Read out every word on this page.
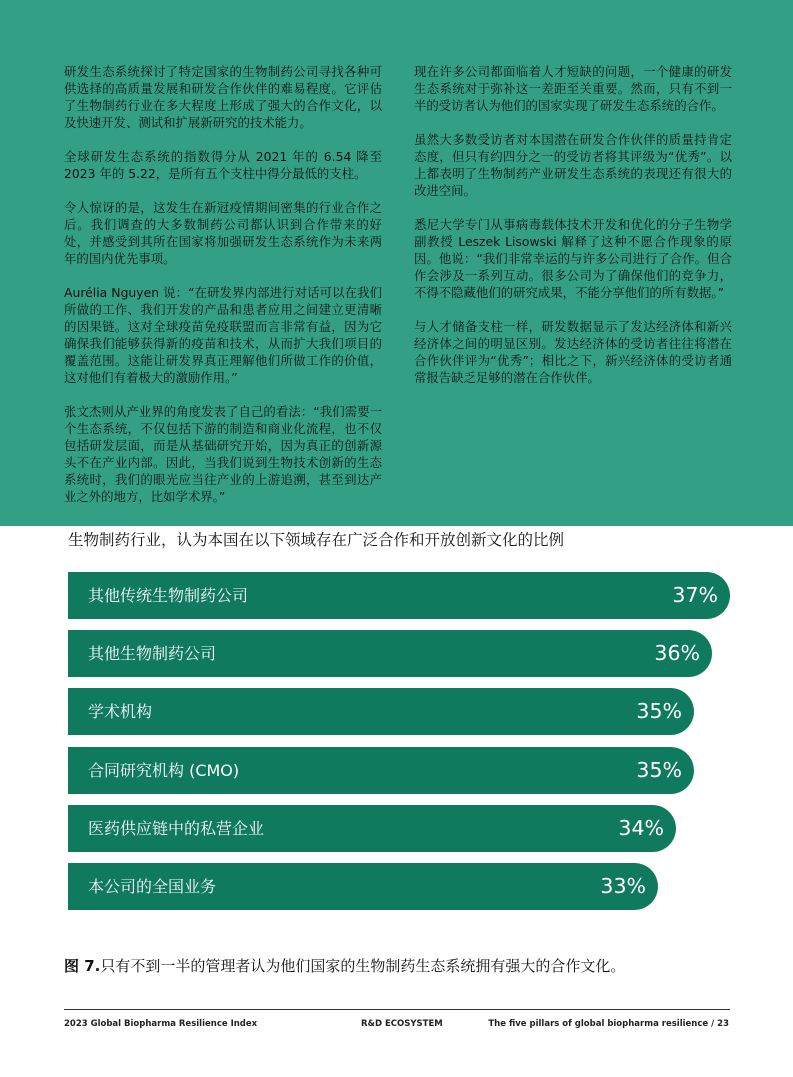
研发生态系统探讨了特定国家的生物制药公司寻找各种可供选择的高质量发展和研发合作伙伴的难易程度。它评估了生物制药行业在多大程度上形成了强大的合作文化，以及快速开发、测试和扩展新研究的技术能力。

全球研发生态系统的指数得分从 2021 年的 6.54 降至 2023 年的 5.22，是所有五个支柱中得分最低的支柱。

令人惊讶的是，这发生在新冠疫情期间密集的行业合作之后。我们调查的大多数制药公司都认识到合作带来的好处，并感受到其所在国家将加强研发生态系统作为未来两年的国内优先事项。

Aurélia Nguyen 说：“在研发界内部进行对话可以在我们所做的工作、我们开发的产品和患者应用之间建立更清晰的因果链。这对全球疫苗免疫联盟而言非常有益，因为它确保我们能够获得新的疫苗和技术，从而扩大我们项目的覆盖范围。这能让研发界真正理解他们所做工作的价值，这对他们有着极大的激励作用。”

张文杰则从产业界的角度发表了自己的看法：“我们需要一个生态系统，不仅包括下游的制造和商业化流程，也不仅包括研发层面，而是从基础研究开始，因为真正的创新源头不在产业内部。因此，当我们说到生物技术创新的生态系统时，我们的眼光应当往产业的上游追溯，甚至到达产业之外的地方，比如学术界。”

现在许多公司都面临着人才短缺的问题，一个健康的研发生态系统对于弥补这一差距至关重要。然而，只有不到一半的受访者认为他们的国家实现了研发生态系统的合作。

虽然大多数受访者对本国潜在研发合作伙伴的质量持肯定态度，但只有约四分之一的受访者将其评级为“优秀”。以上都表明了生物制药产业研发生态系统的表现还有很大的改进空间。

悉尼大学专门从事病毒载体技术开发和优化的分子生物学副教授 Leszek Lisowski 解释了这种不愿合作现象的原因。他说：“我们非常幸运的与许多公司进行了合作。但合作会涉及一系列互动。很多公司为了确保他们的竞争力，不得不隐藏他们的研究成果，不能分享他们的所有数据。”

与人才储备支柱一样，研发数据显示了发达经济体和新兴经济体之间的明显区别。发达经济体的受访者往往将潜在合作伙伴评为“优秀”；相比之下，新兴经济体的受访者通常报告缺乏足够的潜在合作伙伴。

生物制药行业，认为本国在以下领域存在广泛合作和开放创新文化的比例
其他传统生物制药公司	37%
其他生物制药公司	36%
学术机构	35%
合同研究机构 (CMO)	35%
医药供应链中的私营企业	34%
本公司的全国业务	33%
图 7.只有不到一半的管理者认为他们国家的生物制药生态系统拥有强大的合作文化。
2023 Global Biopharma Resilience Index	R&D ECOSYSTEM	The five pillars of global biopharma resilience / 23
